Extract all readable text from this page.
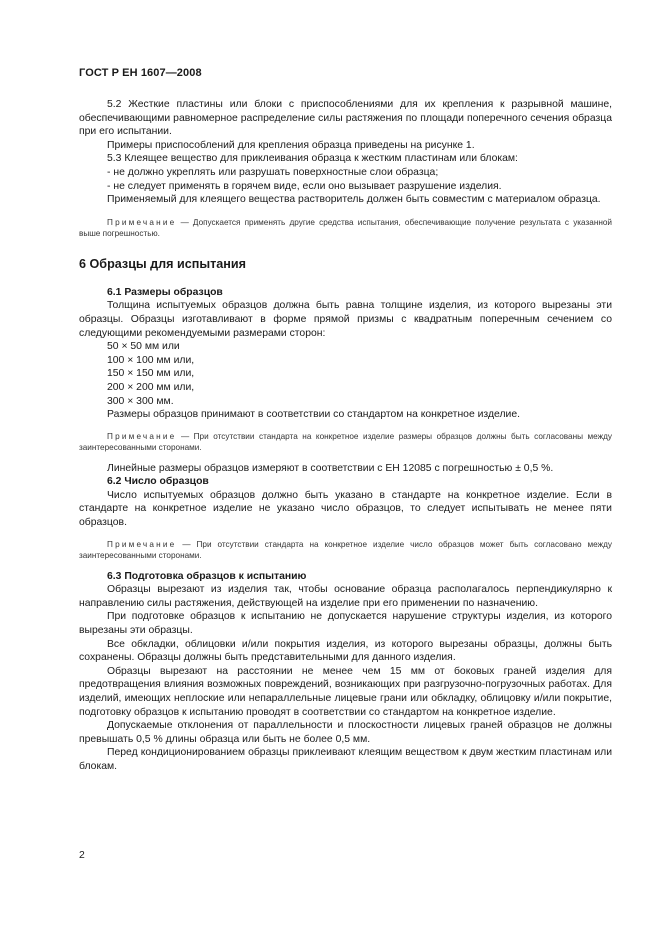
ГОСТ Р ЕН 1607—2008

5.2 Жесткие пластины или блоки с приспособлениями для их крепления к разрывной машине, обеспечивающими равномерное распределение силы растяжения по площади поперечного сечения образца при его испытании.

Примеры приспособлений для крепления образца приведены на рисунке 1.

5.3 Клеящее вещество для приклеивания образца к жестким пластинам или блокам:

- не должно укреплять или разрушать поверхностные слои образца;

- не следует применять в горячем виде, если оно вызывает разрушение изделия.

Применяемый для клеящего вещества растворитель должен быть совместим с материалом образца.

Примечание — Допускается применять другие средства испытания, обеспечивающие получение результата с указанной выше погрешностью.

6 Образцы для испытания

6.1 Размеры образцов

Толщина испытуемых образцов должна быть равна толщине изделия, из которого вырезаны эти образцы. Образцы изготавливают в форме прямой призмы с квадратным поперечным сечением со следующими рекомендуемыми размерами сторон:

50 × 50 мм или

100 × 100 мм или,

150 × 150 мм или,

200 × 200 мм или,

300 × 300 мм.

Размеры образцов принимают в соответствии со стандартом на конкретное изделие.

Примечание — При отсутствии стандарта на конкретное изделие размеры образцов должны быть согласованы между заинтересованными сторонами.

Линейные размеры образцов измеряют в соответствии с ЕН 12085 с погрешностью ± 0,5 %.

6.2 Число образцов

Число испытуемых образцов должно быть указано в стандарте на конкретное изделие. Если в стандарте на конкретное изделие не указано число образцов, то следует испытывать не менее пяти образцов.

Примечание — При отсутствии стандарта на конкретное изделие число образцов может быть согласовано между заинтересованными сторонами.

6.3 Подготовка образцов к испытанию

Образцы вырезают из изделия так, чтобы основание образца располагалось перпендикулярно к направлению силы растяжения, действующей на изделие при его применении по назначению.

При подготовке образцов к испытанию не допускается нарушение структуры изделия, из которого вырезаны эти образцы.

Все обкладки, облицовки и/или покрытия изделия, из которого вырезаны образцы, должны быть сохранены. Образцы должны быть представительными для данного изделия.

Образцы вырезают на расстоянии не менее чем 15 мм от боковых граней изделия для предотвращения влияния возможных повреждений, возникающих при разгрузочно-погрузочных работах. Для изделий, имеющих неплоские или непараллельные лицевые грани или обкладку, облицовку и/или покрытие, подготовку образцов к испытанию проводят в соответствии со стандартом на конкретное изделие.

Допускаемые отклонения от параллельности и плоскостности лицевых граней образцов не должны превышать 0,5 % длины образца или быть не более 0,5 мм.

Перед кондиционированием образцы приклеивают клеящим веществом к двум жестким пластинам или блокам.

2
